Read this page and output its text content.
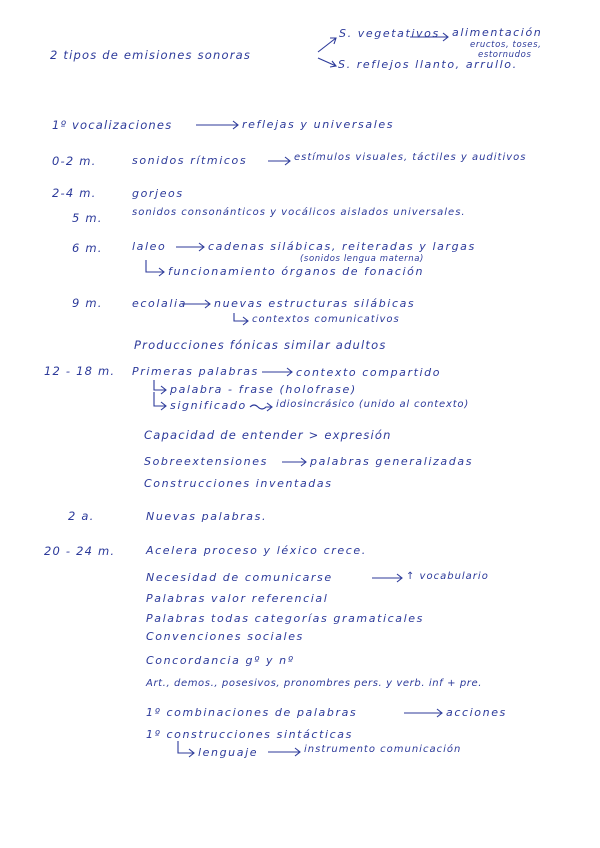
2 tipos de emisiones sonoras
S. vegetativos alimentación
eructos, toses,
estornudos
S. reflejos llanto, arrullo.
1º vocalizaciones	reflejas y universales
0-2 m.	sonidos rítmicos	estímulos visuales, táctiles y auditivos
2-4 m.	gorjeos
5 m.	sonidos consonánticos y vocálicos aislados universales.
6 m.	laleo	cadenas silábicas, reiteradas y largas
(sonidos lengua materna)
funcionamiento órganos de fonación
9 m.	ecolalia nuevas estructuras silábicas
contextos comunicativos
Producciones fónicas similar adultos
12 - 18 m. Primeras palabras	contexto compartido
palabra - frase (holofrase)
significado	idiosincrásico (unido al contexto)
Capacidad de entender > expresión
Sobreextensiones	palabras generalizadas
Construcciones inventadas
2 a.	Nuevas palabras.
20 - 24 m.	Acelera proceso y léxico crece.
Necesidad de comunicarse	↑ vocabulario
Palabras valor referencial
Palabras todas categorías gramaticales
Convenciones sociales
Concordancia gº y nº
Art., demos., posesivos, pronombres pers. y verb. inf + pre.
1º combinaciones de palabras	acciones
1º construcciones sintácticas
lenguaje	instrumento comunicación
